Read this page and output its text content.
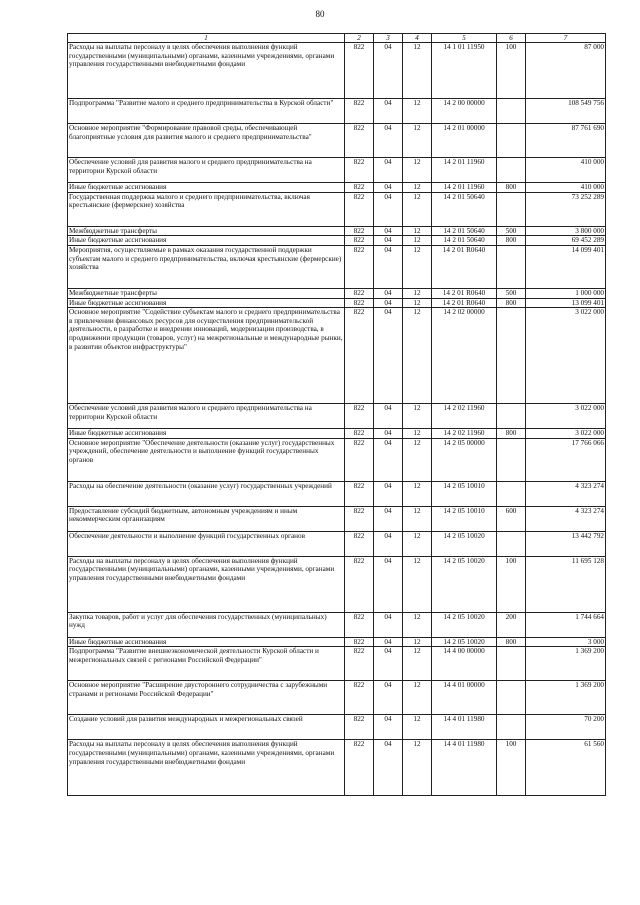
80
1	2	3	4	5	6	7
Расходы на выплаты персоналу в целях обеспечения выполнения функций государственными (муниципальными) органами, казенными учреждениями, органами управления государственными внебюджетными фондами	822	04	12	14 1 01 11950	100	87 000
Подпрограмма "Развитие малого и среднего предпринимательства в Курской области"	822	04	12	14 2 00 00000		108 549 756
Основное мероприятие "Формирование правовой среды, обеспечивающей благоприятные условия для развития малого и среднего предпринимательства"	822	04	12	14 2 01 00000		87 761 690
Обеспечение условий для развития малого и среднего предпринимательства на территории Курской области	822	04	12	14 2 01 11960		410 000
Иные бюджетные ассигнования	822	04	12	14 2 01 11960	800	410 000
Государственная поддержка малого и среднего предпринимательства, включая крестьянские (фермерские) хозяйства	822	04	12	14 2 01 50640		73 252 289
Межбюджетные трансферты	822	04	12	14 2 01 50640	500	3 800 000
Иные бюджетные ассигнования	822	04	12	14 2 01 50640	800	69 452 289
Мероприятия, осуществляемые в рамках оказания государственной поддержки субъектам малого и среднего предпринимательства, включая крестьянские (фермерские) хозяйства	822	04	12	14 2 01 R0640		14 099 401
Межбюджетные трансферты	822	04	12	14 2 01 R0640	500	1 000 000
Иные бюджетные ассигнования	822	04	12	14 2 01 R0640	800	13 099 401
Основное мероприятие "Содействие субъектам малого и среднего предпринимательства в привлечении финансовых ресурсов для осуществления предпринимательской деятельности, в разработке и внедрении инноваций, модернизации производства, в продвижении продукции (товаров, услуг) на межрегиональные и международные рынки, в развитии объектов инфраструктуры"	822	04	12	14 2 02 00000		3 022 000
Обеспечение условий для развития малого и среднего предпринимательства на территории Курской области	822	04	12	14 2 02 11960		3 022 000
Иные бюджетные ассигнования	822	04	12	14 2 02 11960	800	3 022 000
Основное мероприятие "Обеспечение деятельности (оказание услуг) государственных учреждений, обеспечение деятельности и выполнение функций государственных органов	822	04	12	14 2 05 00000		17 766 066
Расходы на обеспечение деятельности (оказание услуг) государственных учреждений	822	04	12	14 2 05 10010		4 323 274
Предоставление субсидий бюджетным, автономным учреждениям и иным некоммерческим организациям	822	04	12	14 2 05 10010	600	4 323 274
Обеспечение деятельности и выполнение функций государственных органов	822	04	12	14 2 05 10020		13 442 792
Расходы на выплаты персоналу в целях обеспечения выполнения функций государственными (муниципальными) органами, казенными учреждениями, органами управления государственными внебюджетными фондами	822	04	12	14 2 05 10020	100	11 695 128
Закупка товаров, работ и услуг для обеспечения государственных (муниципальных) нужд	822	04	12	14 2 05 10020	200	1 744 664
Иные бюджетные ассигнования	822	04	12	14 2 05 10020	800	3 000
Подпрограмма "Развитие внешнеэкономической деятельности Курской области и межрегиональных связей с регионами Российской Федерации"	822	04	12	14 4 00 00000		1 369 200
Основное мероприятие "Расширение двустороннего сотрудничества с зарубежными странами и регионами Российской Федерации"	822	04	12	14 4 01 00000		1 369 200
Создание условий для развития международных и межрегиональных связей	822	04	12	14 4 01 11980		70 200
Расходы на выплаты персоналу в целях обеспечения выполнения функций государственными (муниципальными) органами, казенными учреждениями, органами управления государственными внебюджетными фондами	822	04	12	14 4 01 11980	100	61 560
